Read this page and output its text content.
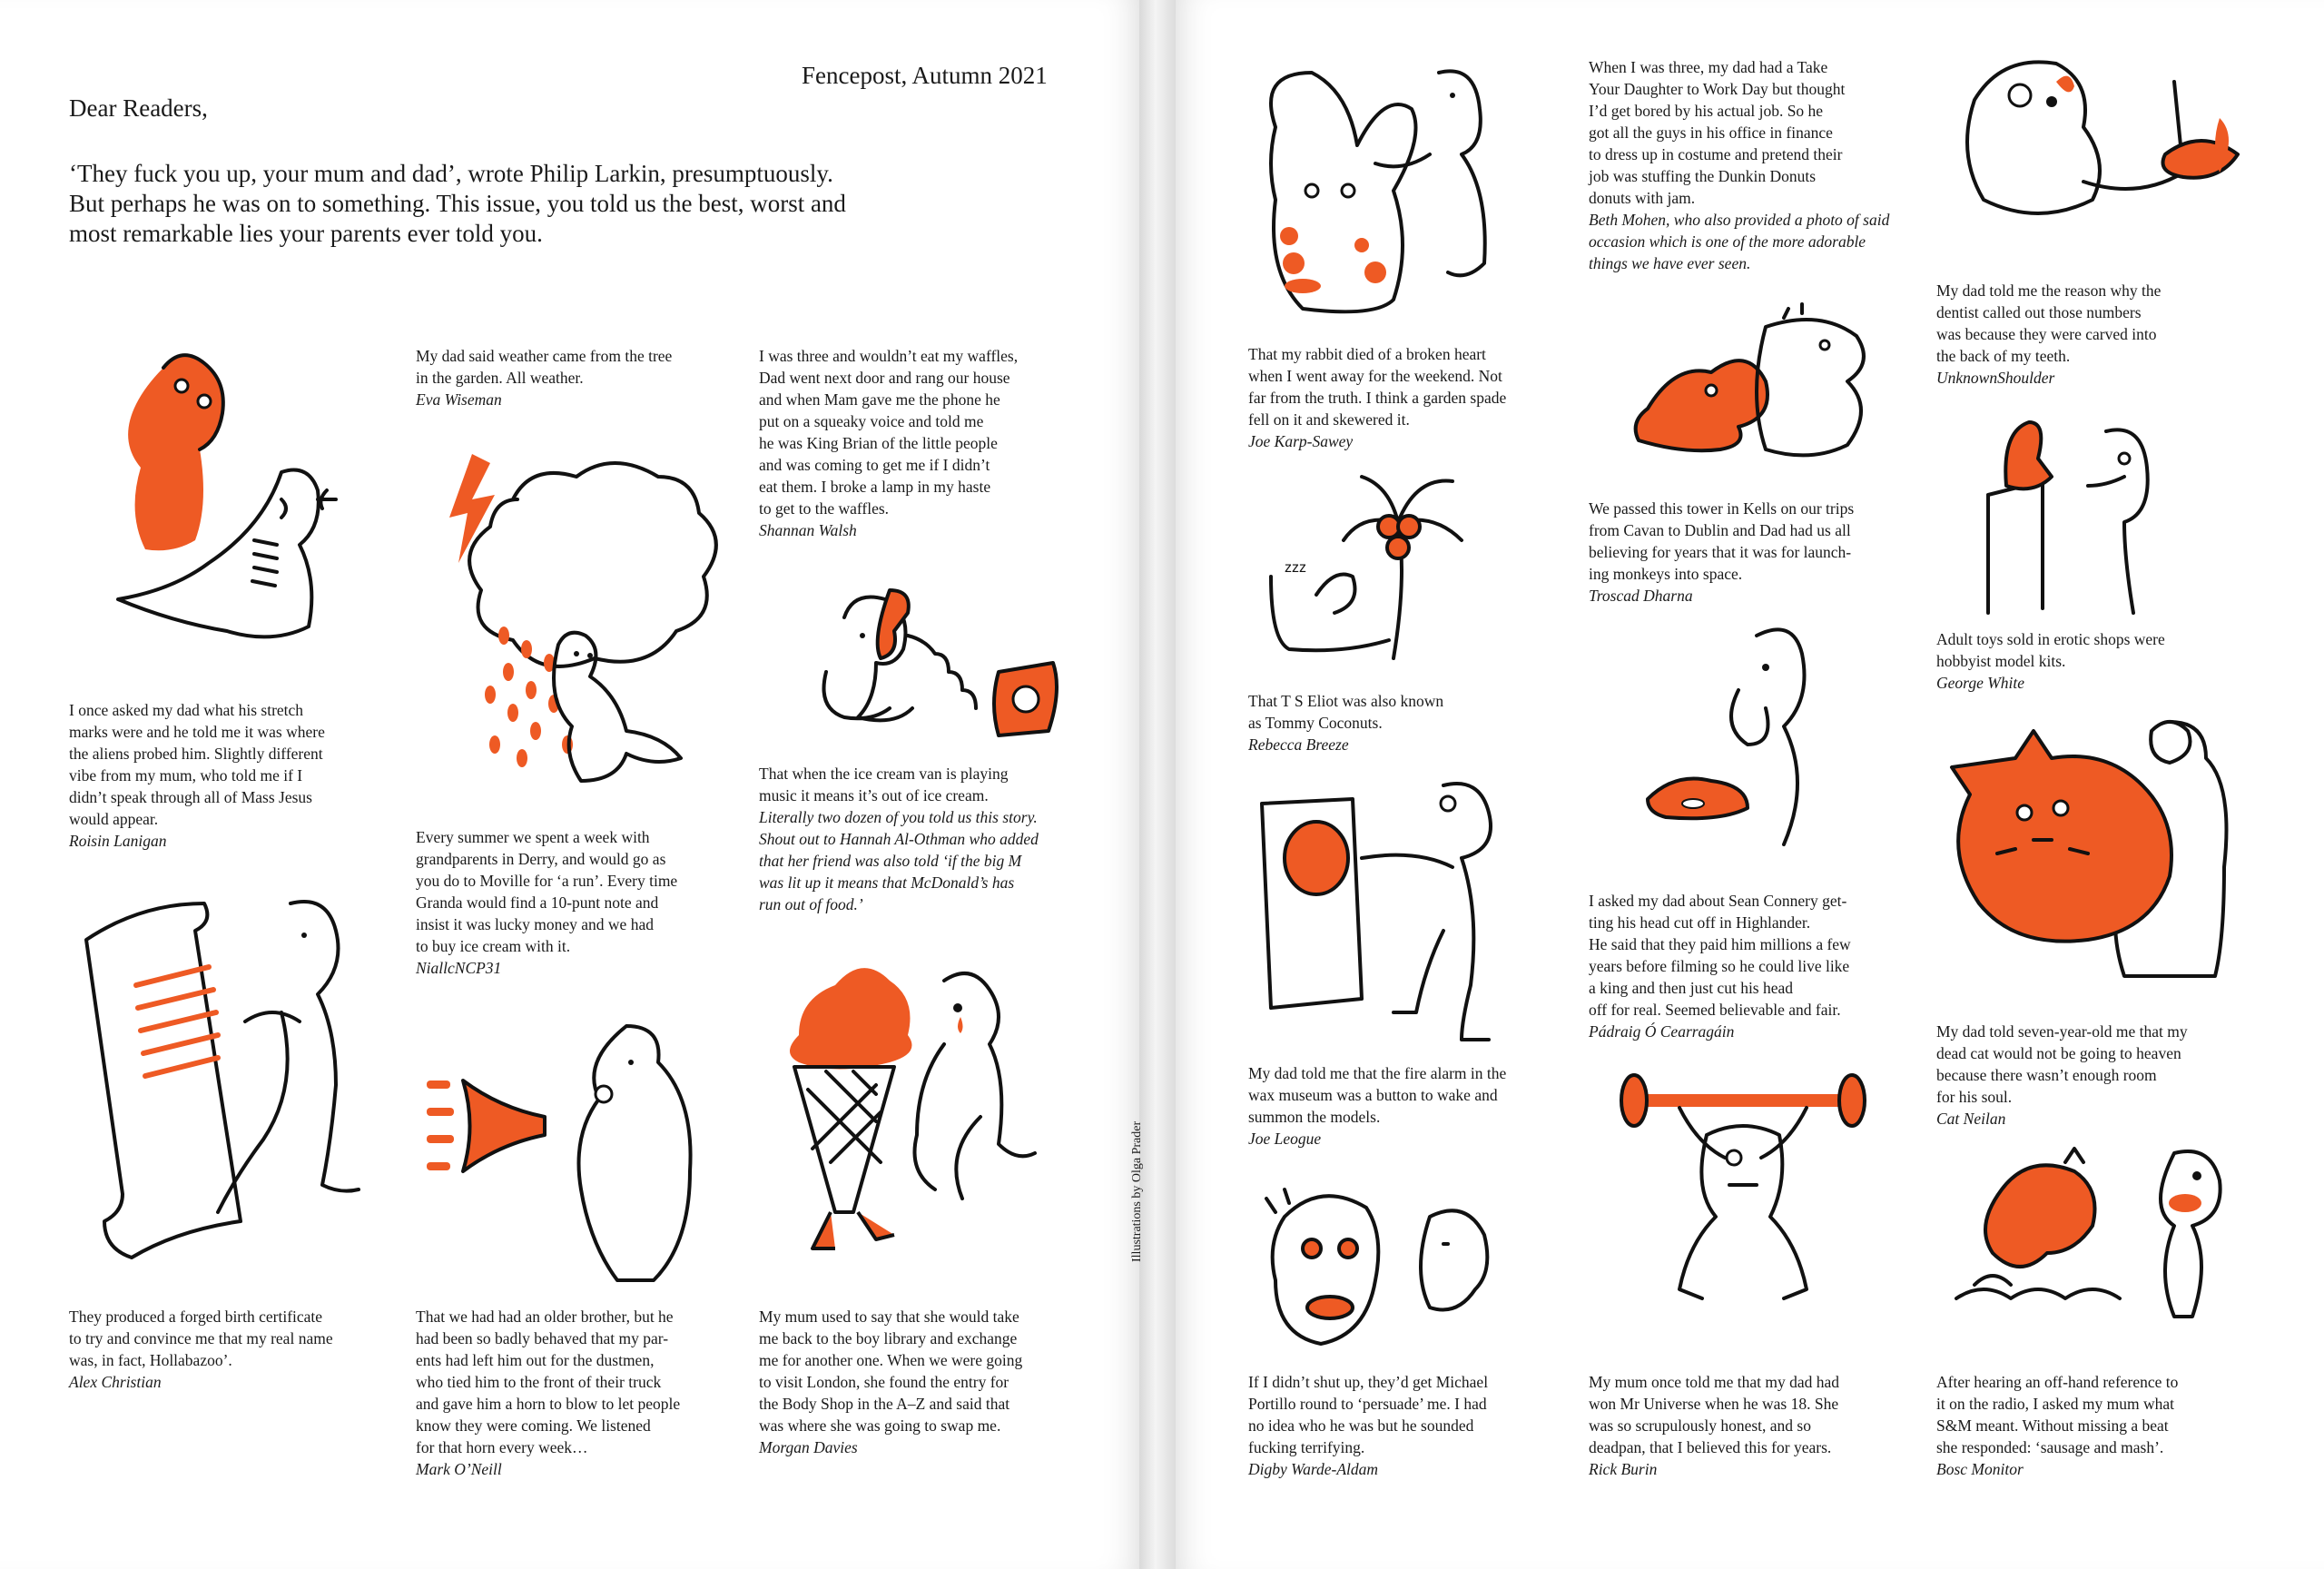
Fencepost, Autumn 2021
Dear Readers,

‘They fuck you up, your mum and dad’, wrote Philip Larkin, presumptuously.

But perhaps he was on to something. This issue, you told us the best, worst and

most remarkable lies your parents ever told you.

I once asked my dad what his stretch
marks were and he told me it was where
the aliens probed him. Slightly different
vibe from my mum, who told me if I
didn’t speak through all of Mass Jesus
would appear.
Roisin Lanigan
My dad said weather came from the tree
in the garden. All weather.
Eva Wiseman
Every summer we spent a week with
grandparents in Derry, and would go as
you do to Moville for ‘a run’. Every time
Granda would find a 10-punt note and
insist it was lucky money and we had
to buy ice cream with it.
NiallcNCP31
I was three and wouldn’t eat my waffles,
Dad went next door and rang our house
and when Mam gave me the phone he
put on a squeaky voice and told me
he was King Brian of the little people
and was coming to get me if I didn’t
eat them. I broke a lamp in my haste
to get to the waffles.
Shannan Walsh
That when the ice cream van is playing
music it means it’s out of ice cream.
Literally two dozen of you told us this story.
Shout out to Hannah Al-Othman who added
that her friend was also told ‘if the big M
was lit up it means that McDonald’s has
run out of food.’
They produced a forged birth certificate
to try and convince me that my real name
was, in fact, Hollabazoo’.
Alex Christian
That we had had an older brother, but he
had been so badly behaved that my par-
ents had left him out for the dustmen,
who tied him to the front of their truck
and gave him a horn to blow to let people
know they were coming. We listened
for that horn every week…
Mark O’Neill
My mum used to say that she would take
me back to the boy library and exchange
me for another one. When we were going
to visit London, she found the entry for
the Body Shop in the A–Z and said that
was where she was going to swap me.
Morgan Davies
Illustrations by Olga Prader
That my rabbit died of a broken heart
when I went away for the weekend. Not
far from the truth. I think a garden spade
fell on it and skewered it.
Joe Karp-Sawey
zzz
That T S Eliot was also known
as Tommy Coconuts.
Rebecca Breeze
My dad told me that the fire alarm in the
wax museum was a button to wake and
summon the models.
Joe Leogue
If I didn’t shut up, they’d get Michael
Portillo round to ‘persuade’ me. I had
no idea who he was but he sounded
fucking terrifying.
Digby Warde-Aldam
When I was three, my dad had a Take
Your Daughter to Work Day but thought
I’d get bored by his actual job. So he
got all the guys in his office in finance
to dress up in costume and pretend their
job was stuffing the Dunkin Donuts
donuts with jam.
Beth Mohen, who also provided a photo of said
occasion which is one of the more adorable
things we have ever seen.
We passed this tower in Kells on our trips
from Cavan to Dublin and Dad had us all
believing for years that it was for launch-
ing monkeys into space.
Troscad Dharna
I asked my dad about Sean Connery get-
ting his head cut off in Highlander.
He said that they paid him millions a few
years before filming so he could live like
a king and then just cut his head
off for real. Seemed believable and fair.
Pádraig Ó Cearragáin
My mum once told me that my dad had
won Mr Universe when he was 18. She
was so scrupulously honest, and so
deadpan, that I believed this for years.
Rick Burin
My dad told me the reason why the
dentist called out those numbers
was because they were carved into
the back of my teeth.
UnknownShoulder
Adult toys sold in erotic shops were
hobbyist model kits.
George White
My dad told seven-year-old me that my
dead cat would not be going to heaven
because there wasn’t enough room
for his soul.
Cat Neilan
After hearing an off-hand reference to
it on the radio, I asked my mum what
S&M meant. Without missing a beat
she responded: ‘sausage and mash’.
Bosc Monitor
